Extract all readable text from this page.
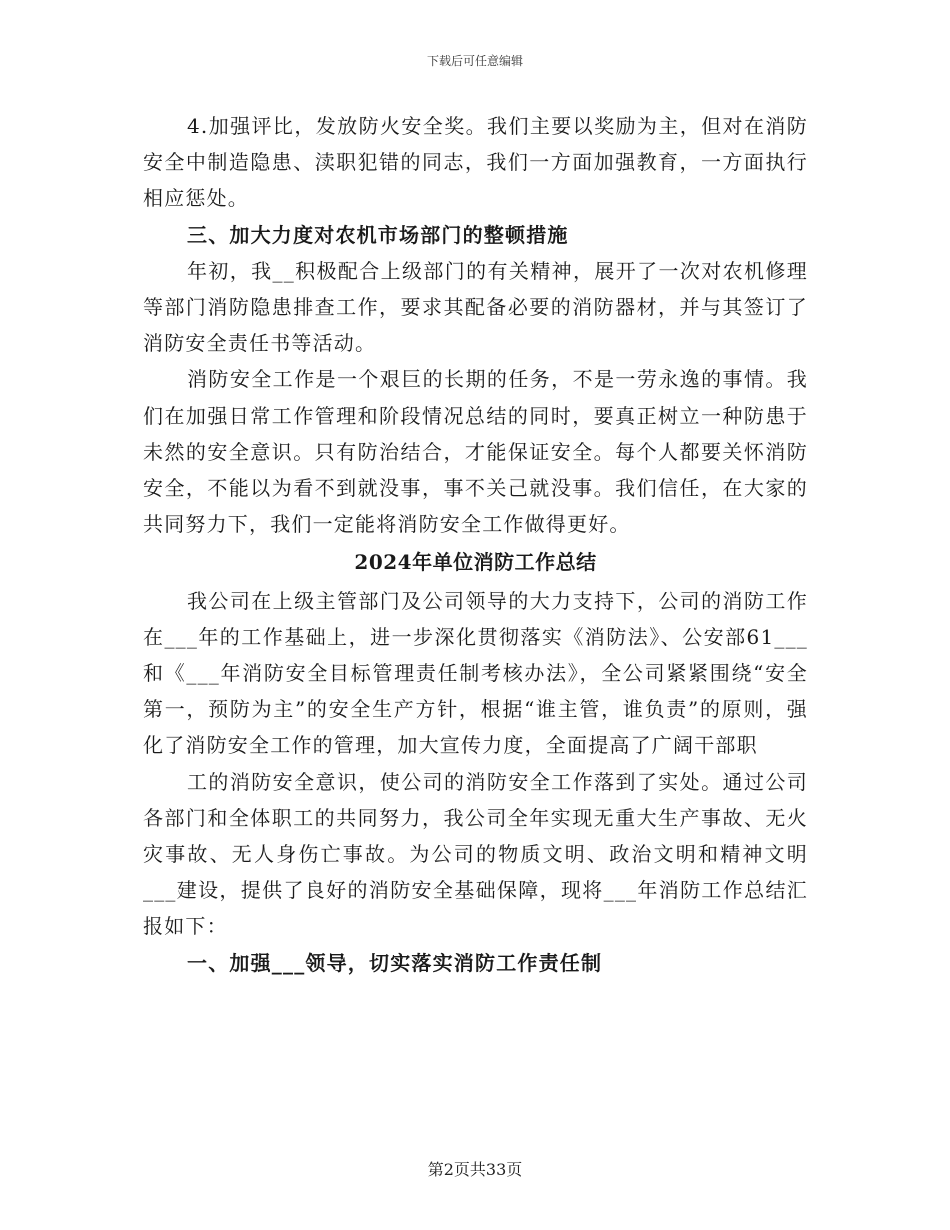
下载后可任意编辑

4.加强评比，发放防火安全奖。我们主要以奖励为主，但对在消防安全中制造隐患、渎职犯错的同志，我们一方面加强教育，一方面执行相应惩处。

三、加大力度对农机市场部门的整顿措施

年初，我__积极配合上级部门的有关精神，展开了一次对农机修理等部门消防隐患排查工作，要求其配备必要的消防器材，并与其签订了消防安全责任书等活动。

消防安全工作是一个艰巨的长期的任务，不是一劳永逸的事情。我们在加强日常工作管理和阶段情况总结的同时，要真正树立一种防患于未然的安全意识。只有防治结合，才能保证安全。每个人都要关怀消防安全，不能以为看不到就没事，事不关己就没事。我们信任，在大家的共同努力下，我们一定能将消防安全工作做得更好。

2024年单位消防工作总结

我公司在上级主管部门及公司领导的大力支持下，公司的消防工作在___年的工作基础上，进一步深化贯彻落实《消防法》、公安部61___和《___年消防安全目标管理责任制考核办法》，全公司紧紧围绕“安全第一，预防为主”的安全生产方针，根据“谁主管，谁负责”的原则，强化了消防安全工作的管理，加大宣传力度，全面提高了广阔干部职

工的消防安全意识，使公司的消防安全工作落到了实处。通过公司各部门和全体职工的共同努力，我公司全年实现无重大生产事故、无火灾事故、无人身伤亡事故。为公司的物质文明、政治文明和精神文明___建设，提供了良好的消防安全基础保障，现将___年消防工作总结汇报如下：

一、加强___领导，切实落实消防工作责任制

第2页共33页
